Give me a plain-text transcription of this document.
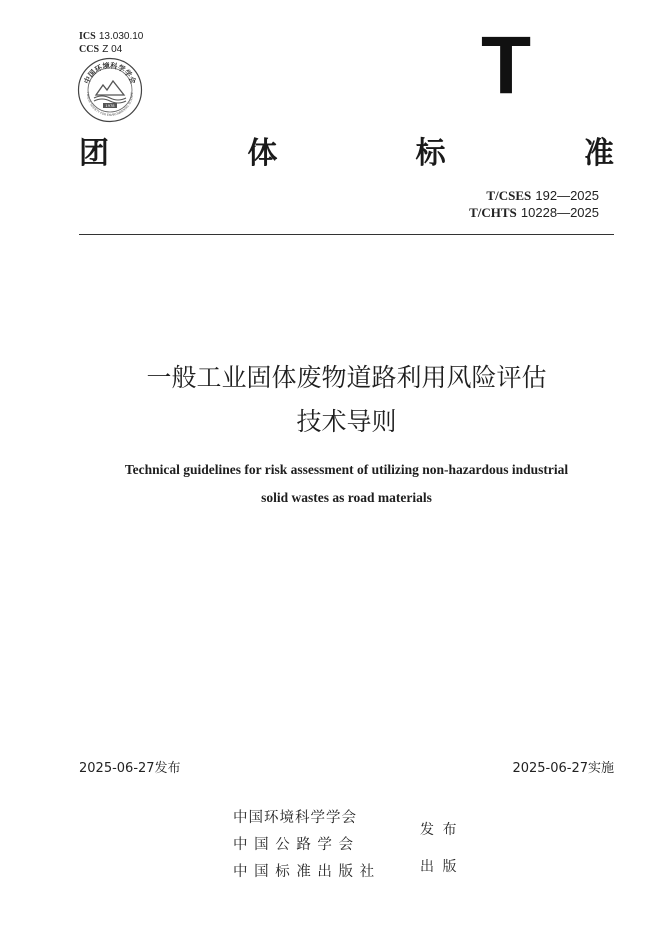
ICS 13.030.10
CCS Z 04
中国环境科学学会
HINESE SOCIETY FOR ENVIRONMENTAL SCIENCE
1978	T
团	体	标	准
T/CSES 192—2025
T/CHTS 10228—2025
一般工业固体废物道路利用风险评估
技术导则
Technical guidelines for risk assessment of utilizing non-hazardous industrial
solid wastes as road materials
2025-06-27发布	2025-06-27实施
中国环境科学学会
中 国 公 路 学 会
中 国 标 准 出 版 社
发 布
出 版
